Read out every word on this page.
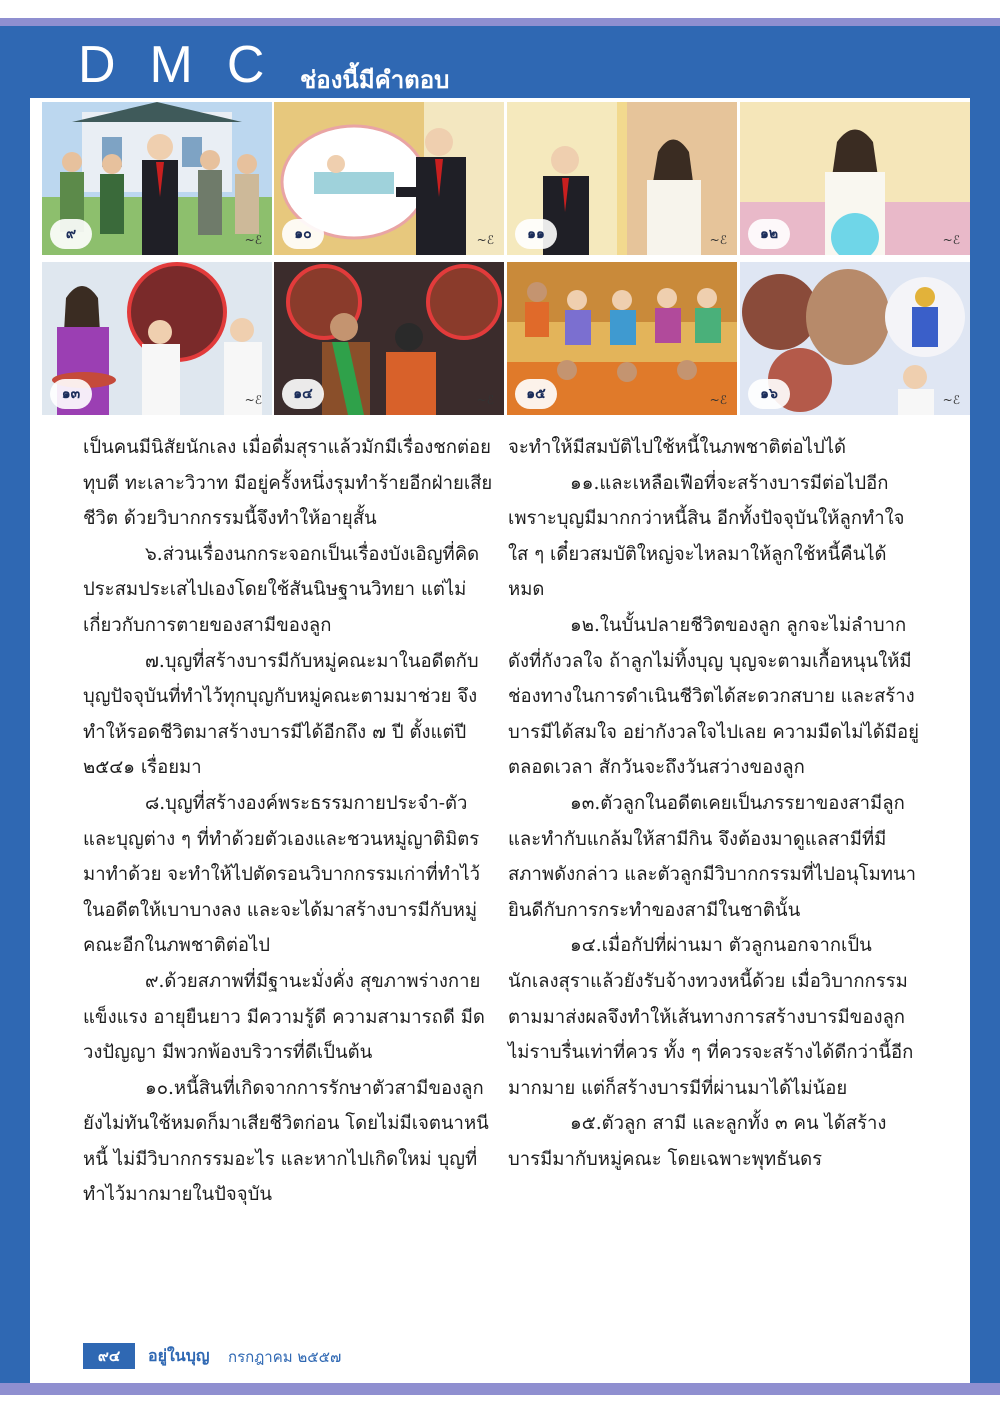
DMC ช่องนี้มีคำตอบ
๙	~ℰ	๑๐	~ℰ	๑๑	~ℰ	๑๒	~ℰ
๑๓	~ℰ	๑๔	~ℰ	๑๕	~ℰ	๑๖	~ℰ

เป็นคนมีนิสัยนักเลง เมื่อดื่มสุราแล้วมักมีเรื่องชกต่อย ทุบตี ทะเลาะวิวาท มีอยู่ครั้งหนึ่งรุมทำร้ายอีกฝ่ายเสียชีวิต ด้วยวิบากกรรมนี้จึงทำให้อายุสั้น

๖.ส่วนเรื่องนกกระจอกเป็นเรื่องบังเอิญที่คิดประสมประเสไปเองโดยใช้สันนิษฐานวิทยา แต่ไม่เกี่ยวกับการตายของสามีของลูก

๗.บุญที่สร้างบารมีกับหมู่คณะมาในอดีตกับบุญปัจจุบันที่ทำไว้ทุกบุญกับหมู่คณะตามมาช่วย จึงทำให้รอดชีวิตมาสร้างบารมีได้อีกถึง ๗ ปี ตั้งแต่ปี ๒๕๔๑ เรื่อยมา

๘.บุญที่สร้างองค์พระธรรมกายประจำ-ตัวและบุญต่าง ๆ ที่ทำด้วยตัวเองและชวนหมู่ญาติมิตรมาทำด้วย จะทำให้ไปตัดรอนวิบากกรรมเก่าที่ทำไว้ในอดีตให้เบาบางลง และจะได้มาสร้างบารมีกับหมู่คณะอีกในภพชาติต่อไป

๙.ด้วยสภาพที่มีฐานะมั่งคั่ง สุขภาพร่างกายแข็งแรง อายุยืนยาว มีความรู้ดี ความสามารถดี มีดวงปัญญา มีพวกพ้องบริวารที่ดีเป็นต้น

๑๐.หนี้สินที่เกิดจากการรักษาตัวสามีของลูก ยังไม่ทันใช้หมดก็มาเสียชีวิตก่อน โดยไม่มีเจตนาหนีหนี้ ไม่มีวิบากกรรมอะไร และหากไปเกิดใหม่ บุญที่ทำไว้มากมายในปัจจุบัน

จะทำให้มีสมบัติไปใช้หนี้ในภพชาติต่อไปได้

๑๑.และเหลือเฟือที่จะสร้างบารมีต่อไปอีก เพราะบุญมีมากกว่าหนี้สิน อีกทั้งปัจจุบันให้ลูกทำใจใส ๆ เดี๋ยวสมบัติใหญ่จะไหลมาให้ลูกใช้หนี้คืนได้หมด

๑๒.ในบั้นปลายชีวิตของลูก ลูกจะไม่ลำบากดังที่กังวลใจ ถ้าลูกไม่ทิ้งบุญ บุญจะตามเกื้อหนุนให้มีช่องทางในการดำเนินชีวิตได้สะดวกสบาย และสร้างบารมีได้สมใจ อย่ากังวลใจไปเลย ความมืดไม่ได้มีอยู่ตลอดเวลา สักวันจะถึงวันสว่างของลูก

๑๓.ตัวลูกในอดีตเคยเป็นภรรยาของสามีลูก และทำกับแกล้มให้สามีกิน จึงต้องมาดูแลสามีที่มีสภาพดังกล่าว และตัวลูกมีวิบากกรรมที่ไปอนุโมทนายินดีกับการกระทำของสามีในชาตินั้น

๑๔.เมื่อกัปที่ผ่านมา ตัวลูกนอกจากเป็นนักเลงสุราแล้วยังรับจ้างทวงหนี้ด้วย เมื่อวิบากกรรมตามมาส่งผลจึงทำให้เส้นทางการสร้างบารมีของลูกไม่ราบรื่นเท่าที่ควร ทั้ง ๆ ที่ควรจะสร้างได้ดีกว่านี้อีกมากมาย แต่ก็สร้างบารมีที่ผ่านมาได้ไม่น้อย

๑๕.ตัวลูก สามี และลูกทั้ง ๓ คน ได้สร้างบารมีมากับหมู่คณะ โดยเฉพาะพุทธันดร

๙๔	อยู่ในบุญ กรกฎาคม ๒๕๕๗
